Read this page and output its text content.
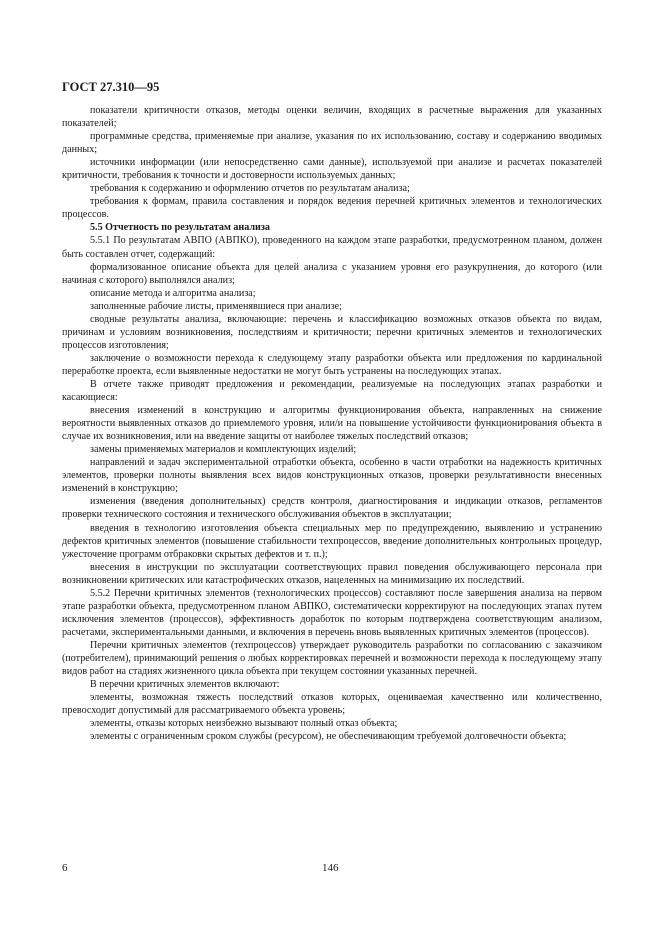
ГОСТ 27.310—95

показатели критичности отказов, методы оценки величин, входящих в расчетные выражения для указанных показателей;

программные средства, применяемые при анализе, указания по их использованию, составу и содержанию вводимых данных;

источники информации (или непосредственно сами данные), используемой при анализе и расчетах показателей критичности, требования к точности и достоверности используемых данных;

требования к содержанию и оформлению отчетов по результатам анализа;

требования к формам, правила составления и порядок ведения перечней критичных элементов и технологических процессов.

5.5 Отчетность по результатам анализа

5.5.1 По результатам АВПО (АВПКО), проведенного на каждом этапе разработки, предусмотренном планом, должен быть составлен отчет, содержащий:

формализованное описание объекта для целей анализа с указанием уровня его разукрупнения, до которого (или начиная с которого) выполнялся анализ;

описание метода и алгоритма анализа;

заполненные рабочие листы, применявшиеся при анализе;

сводные результаты анализа, включающие: перечень и классификацию возможных отказов объекта по видам, причинам и условиям возникновения, последствиям и критичности; перечни критичных элементов и технологических процессов изготовления;

заключение о возможности перехода к следующему этапу разработки объекта или предложения по кардинальной переработке проекта, если выявленные недостатки не могут быть устранены на последующих этапах.

В отчете также приводят предложения и рекомендации, реализуемые на последующих этапах разработки и касающиеся:

внесения изменений в конструкцию и алгоритмы функционирования объекта, направленных на снижение вероятности выявленных отказов до приемлемого уровня, или/и на повышение устойчивости функционирования объекта в случае их возникновения, или на введение защиты от наиболее тяжелых последствий отказов;

замены применяемых материалов и комплектующих изделий;

направлений и задач экспериментальной отработки объекта, особенно в части отработки на надежность критичных элементов, проверки полноты выявления всех видов конструкционных отказов, проверки результативности внесенных изменений в конструкцию;

изменения (введения дополнительных) средств контроля, диагностирования и индикации отказов, регламентов проверки технического состояния и технического обслуживания объектов в эксплуатации;

введения в технологию изготовления объекта специальных мер по предупреждению, выявлению и устранению дефектов критичных элементов (повышение стабильности техпроцессов, введение дополнительных контрольных процедур, ужесточение программ отбраковки скрытых дефектов и т. п.);

внесения в инструкции по эксплуатации соответствующих правил поведения обслуживающего персонала при возникновении критических или катастрофических отказов, нацеленных на минимизацию их последствий.

5.5.2 Перечни критичных элементов (технологических процессов) составляют после завершения анализа на первом этапе разработки объекта, предусмотренном планом АВПКО, систематически корректируют на последующих этапах путем исключения элементов (процессов), эффективность доработок по которым подтверждена соответствующим анализом, расчетами, экспериментальными данными, и включения в перечень вновь выявленных критичных элементов (процессов).

Перечни критичных элементов (техпроцессов) утверждает руководитель разработки по согласованию с заказчиком (потребителем), принимающий решения о любых корректировках перечней и возможности перехода к последующему этапу видов работ на стадиях жизненного цикла объекта при текущем состоянии указанных перечней.

В перечни критичных элементов включают:

элементы, возможная тяжесть последствий отказов которых, оцениваемая качественно или количественно, превосходит допустимый для рассматриваемого объекта уровень;

элементы, отказы которых неизбежно вызывают полный отказ объекта;

элементы с ограниченным сроком службы (ресурсом), не обеспечивающим требуемой долговечности объекта;

6	146
